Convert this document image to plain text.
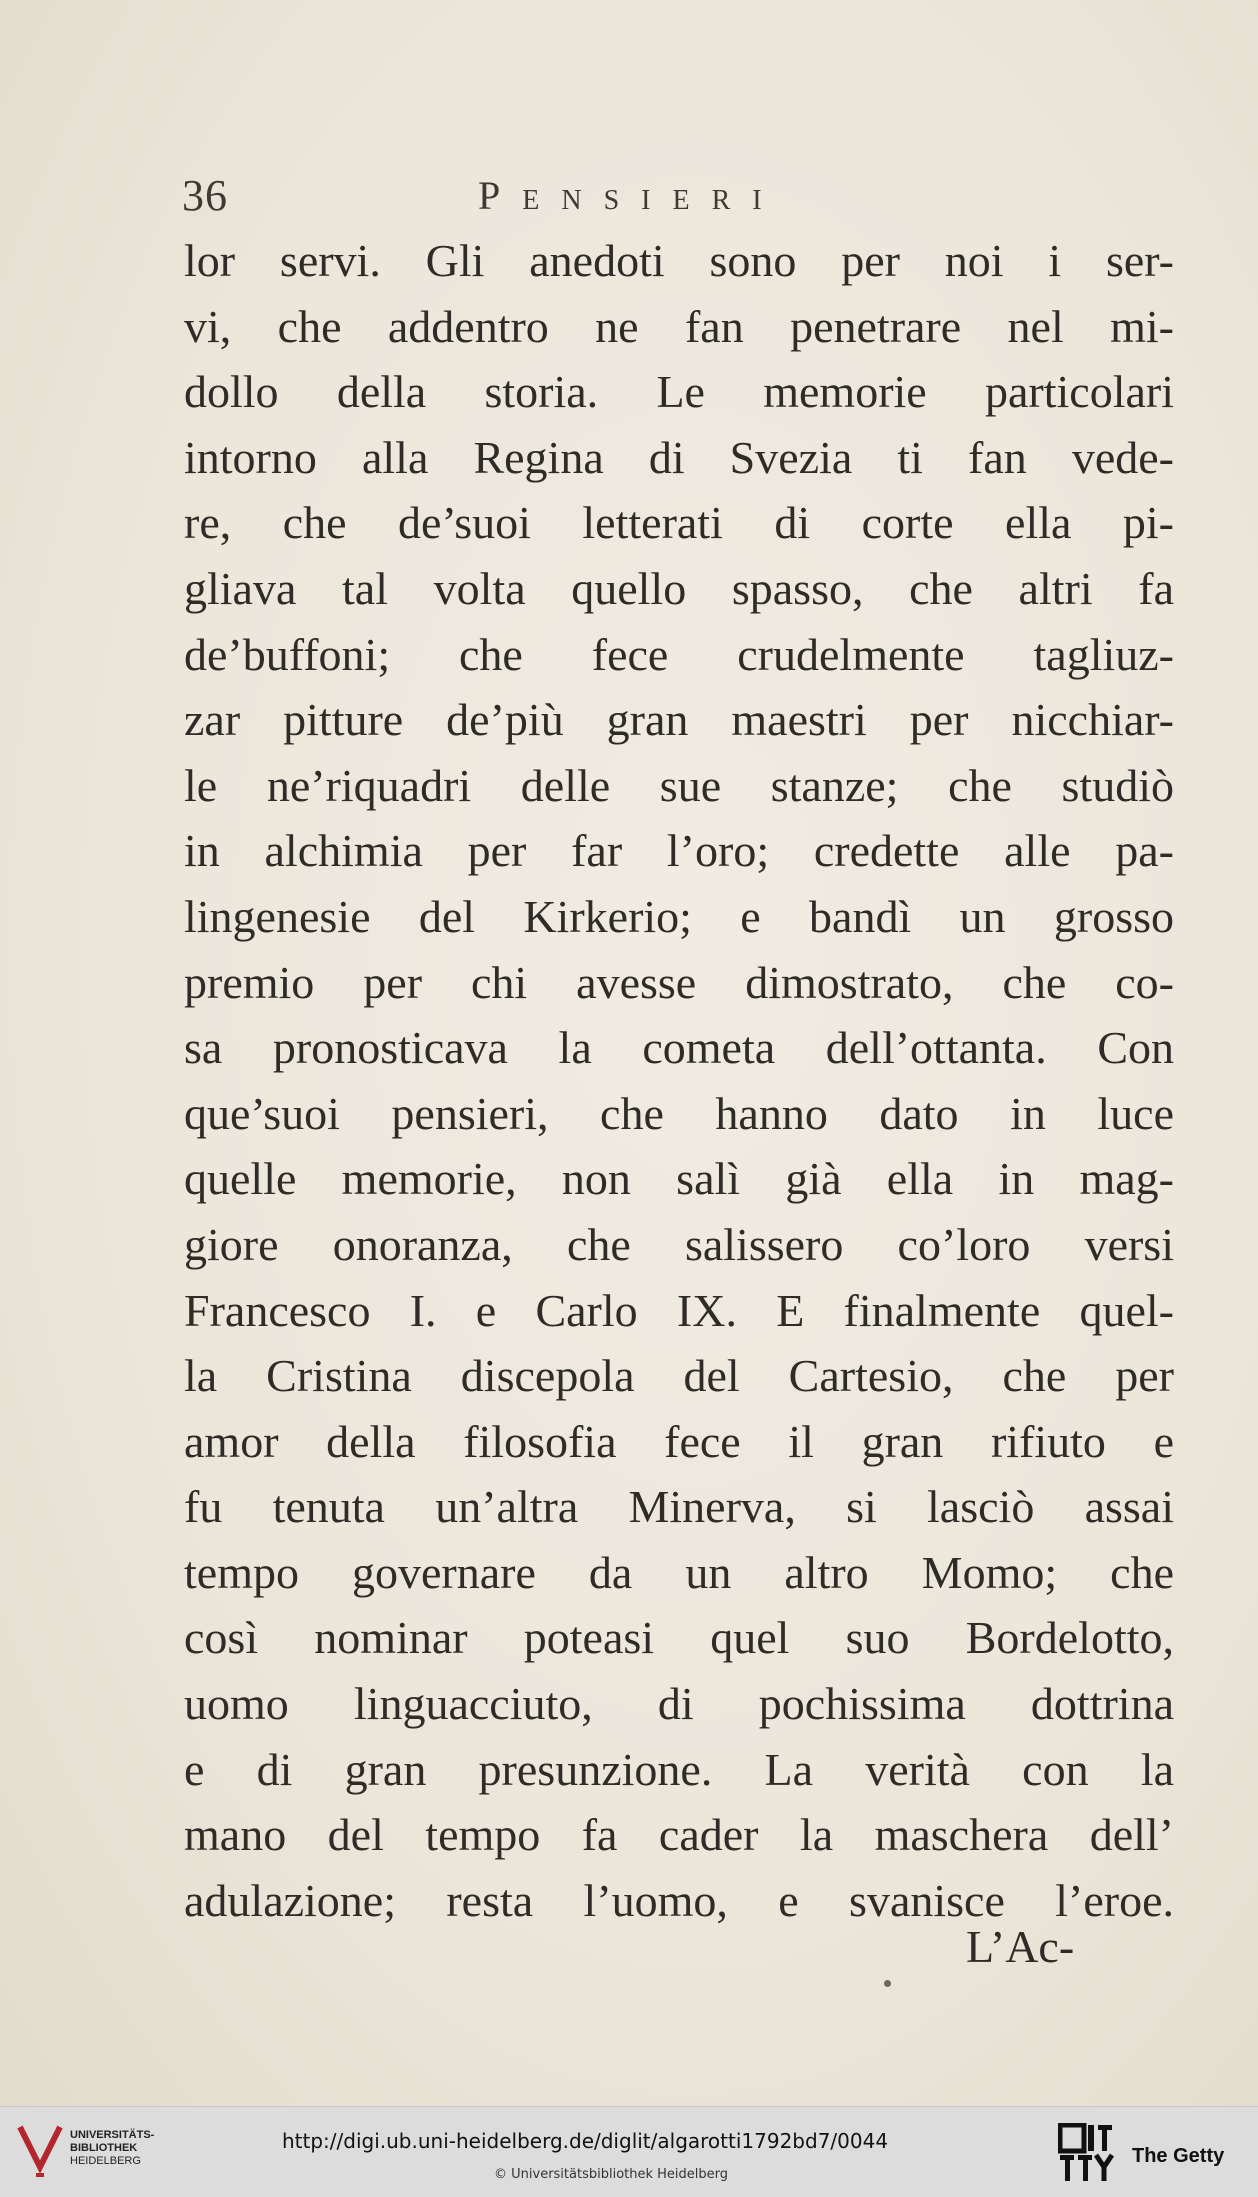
36	Pensieri
lor servi. Gli anedoti sono per noi i ser-
vi, che addentro ne fan penetrare nel mi-
dollo della storia. Le memorie particolari
intorno alla Regina di Svezia ti fan vede-
re, che de’suoi letterati di corte ella pi-
gliava tal volta quello spasso, che altri fa
de’buffoni; che fece crudelmente tagliuz-
zar pitture de’più gran maestri per nicchiar-
le ne’riquadri delle sue stanze; che studiò
in alchimia per far l’oro; credette alle pa-
lingenesie del Kirkerio; e bandì un grosso
premio per chi avesse dimostrato, che co-
sa pronosticava la cometa dell’ottanta. Con
que’suoi pensieri, che hanno dato in luce
quelle memorie, non salì già ella in mag-
giore onoranza, che salissero co’loro versi
Francesco I. e Carlo IX. E finalmente quel-
la Cristina discepola del Cartesio, che per
amor della filosofia fece il gran rifiuto e
fu tenuta un’altra Minerva, si lasciò assai
tempo governare da un altro Momo; che
così nominar poteasi quel suo Bordelotto,
uomo linguacciuto, di pochissima dottrina
e di gran presunzione. La verità con la
mano del tempo fa cader la maschera dell’
adulazione; resta l’uomo, e svanisce l’eroe.
L’Ac-
UNIVERSITÄTS-
BIBLIOTHEK
HEIDELBERG
http://digi.ub.uni-heidelberg.de/diglit/algarotti1792bd7/0044
© Universitätsbibliothek Heidelberg
The Getty
